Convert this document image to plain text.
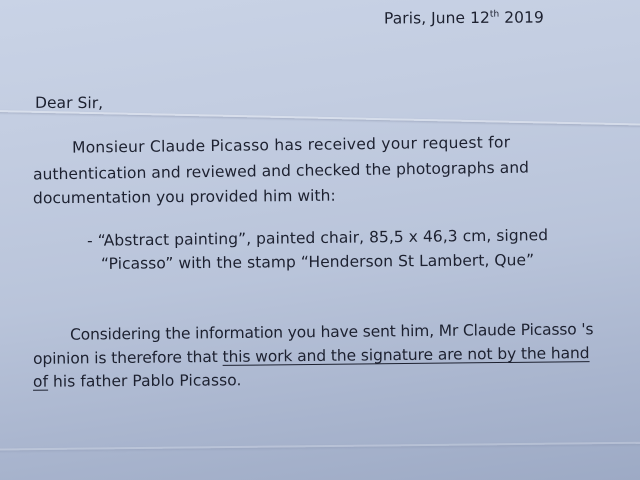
Paris, June 12th 2019
Dear Sir,
Monsieur Claude Picasso has received your request for
authentication and reviewed and checked the photographs and
documentation you provided him with:
- “Abstract painting”, painted chair, 85,5 x 46,3 cm, signed
“Picasso” with the stamp “Henderson St Lambert, Que”
Considering the information you have sent him, Mr Claude Picasso 's
opinion is therefore that this work and the signature are not by the hand
of his father Pablo Picasso.
